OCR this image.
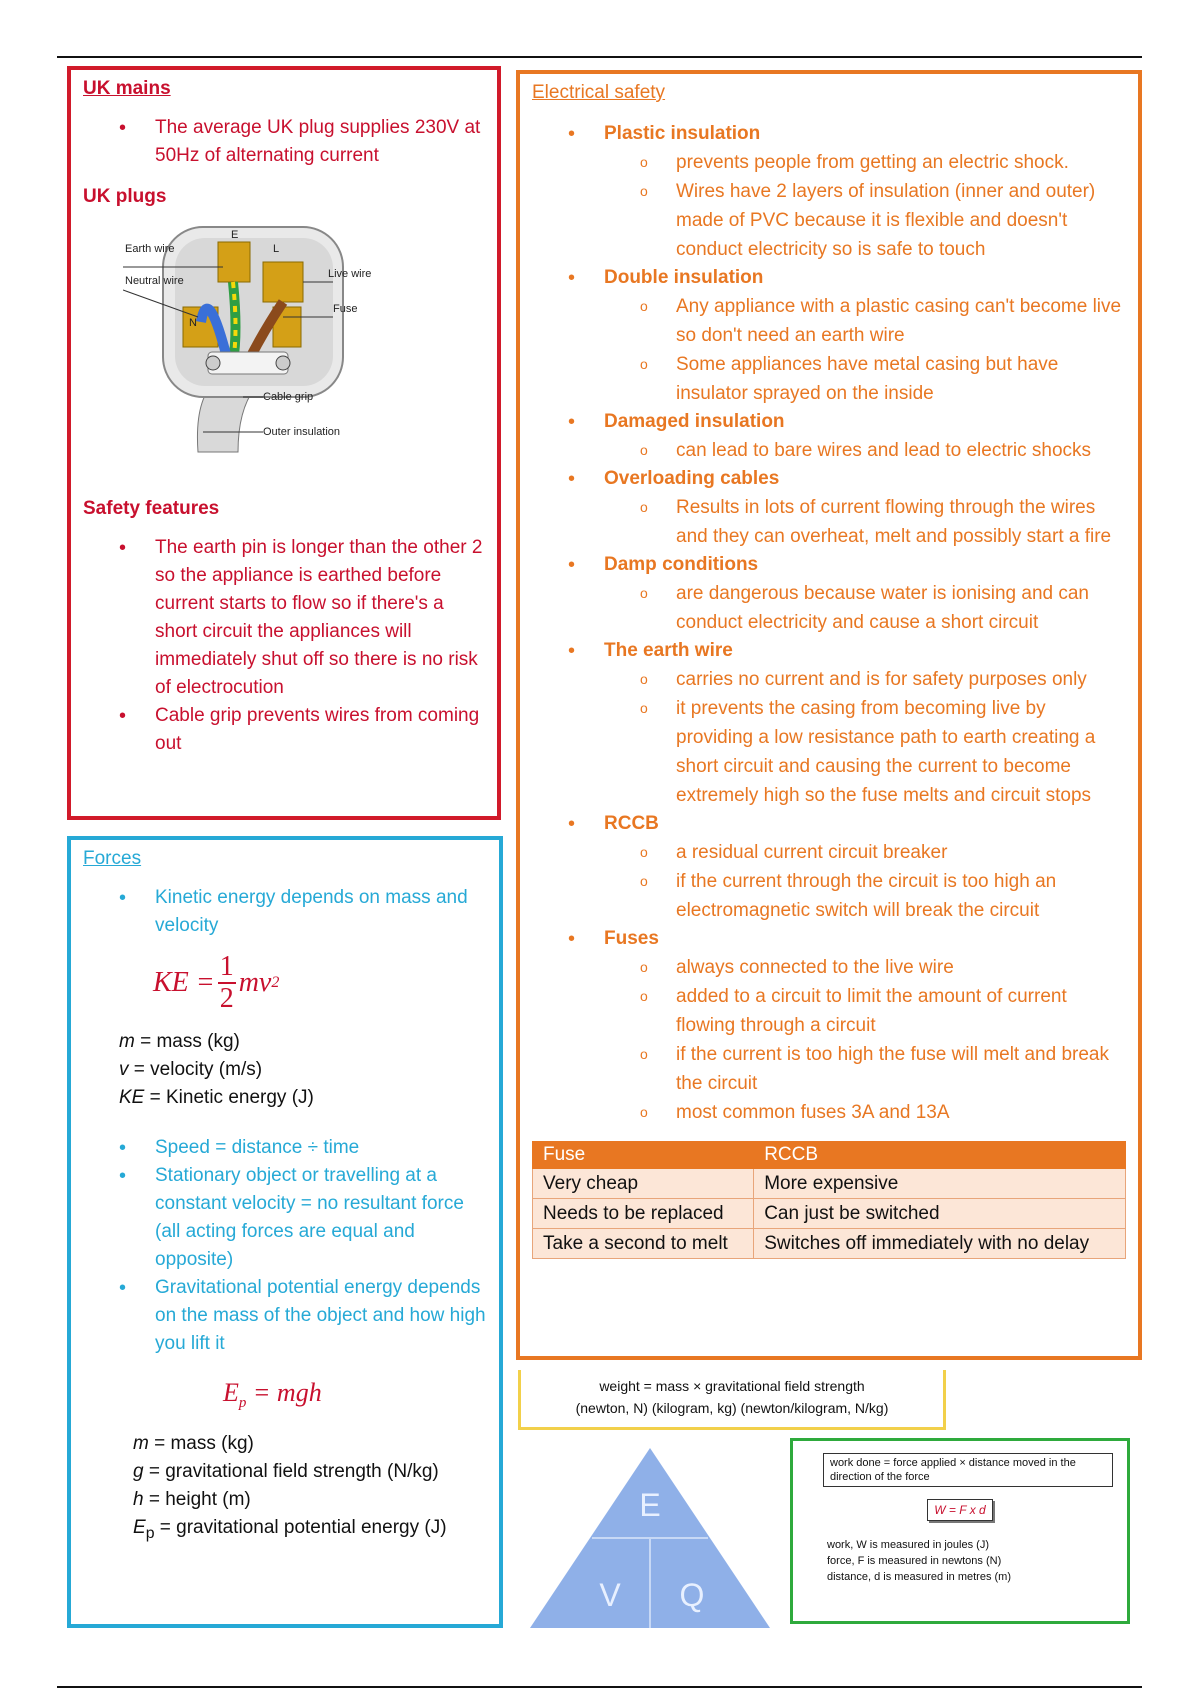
UK mains
• The average UK plug supplies 230V at 50Hz of alternating current
UK plugs
Earth wire
Neutral wire
Live wire
Fuse
Cable grip
Outer insulation
E
L
N
Safety features
• The earth pin is longer than the other 2 so the appliance is earthed before current starts to flow so if there's a short circuit the appliances will immediately shut off so there is no risk of electrocution
• Cable grip prevents wires from coming out
Forces
• Kinetic energy depends on mass and velocity
KE = $\frac{1}{2}$ mv 2
m = mass (kg)
v = velocity (m/s)
KE = Kinetic energy (J)
• Speed = distance ÷ time
• Stationary object or travelling at a constant velocity = no resultant force (all acting forces are equal and opposite)
• Gravitational potential energy depends on the mass of the object and how high you lift it
$E_p$ = mgh
m = mass (kg)
g = gravitational field strength (N/kg)
h = height (m)
$E_p$ = gravitational potential energy (J)
Electrical safety
• Plastic insulation
o prevents people from getting an electric shock.
o Wires have 2 layers of insulation (inner and outer) made of PVC because it is flexible and doesn't conduct electricity so is safe to touch
• Double insulation
o Any appliance with a plastic casing can't become live so don't need an earth wire
o Some appliances have metal casing but have insulator sprayed on the inside
• Damaged insulation
o can lead to bare wires and lead to electric shocks
• Overloading cables
o Results in lots of current flowing through the wires and they can overheat, melt and possibly start a fire
• Damp conditions
o are dangerous because water is ionising and can conduct electricity and cause a short circuit
• The earth wire
o carries no current and is for safety purposes only
o it prevents the casing from becoming live by providing a low resistance path to earth creating a short circuit and causing the current to become extremely high so the fuse melts and circuit stops
• RCCB
o a residual current circuit breaker
o if the current through the circuit is too high an electromagnetic switch will break the circuit
• Fuses
o always connected to the live wire
o added to a circuit to limit the amount of current flowing through a circuit
o if the current is too high the fuse will melt and break the circuit
o most common fuses 3A and 13A
Fuse	RCCB
Very cheap	More expensive
Needs to be replaced	Can just be switched
Take a second to melt	Switches off immediately with no delay
weight = mass × gravitational field strength
(newton, N) (kilogram, kg) (newton/kilogram, N/kg)
E
V Q
work done = force applied × distance moved in the direction of the force
W = F x d
work, W is measured in joules (J)
force, F is measured in newtons (N)
distance, d is measured in metres (m)
